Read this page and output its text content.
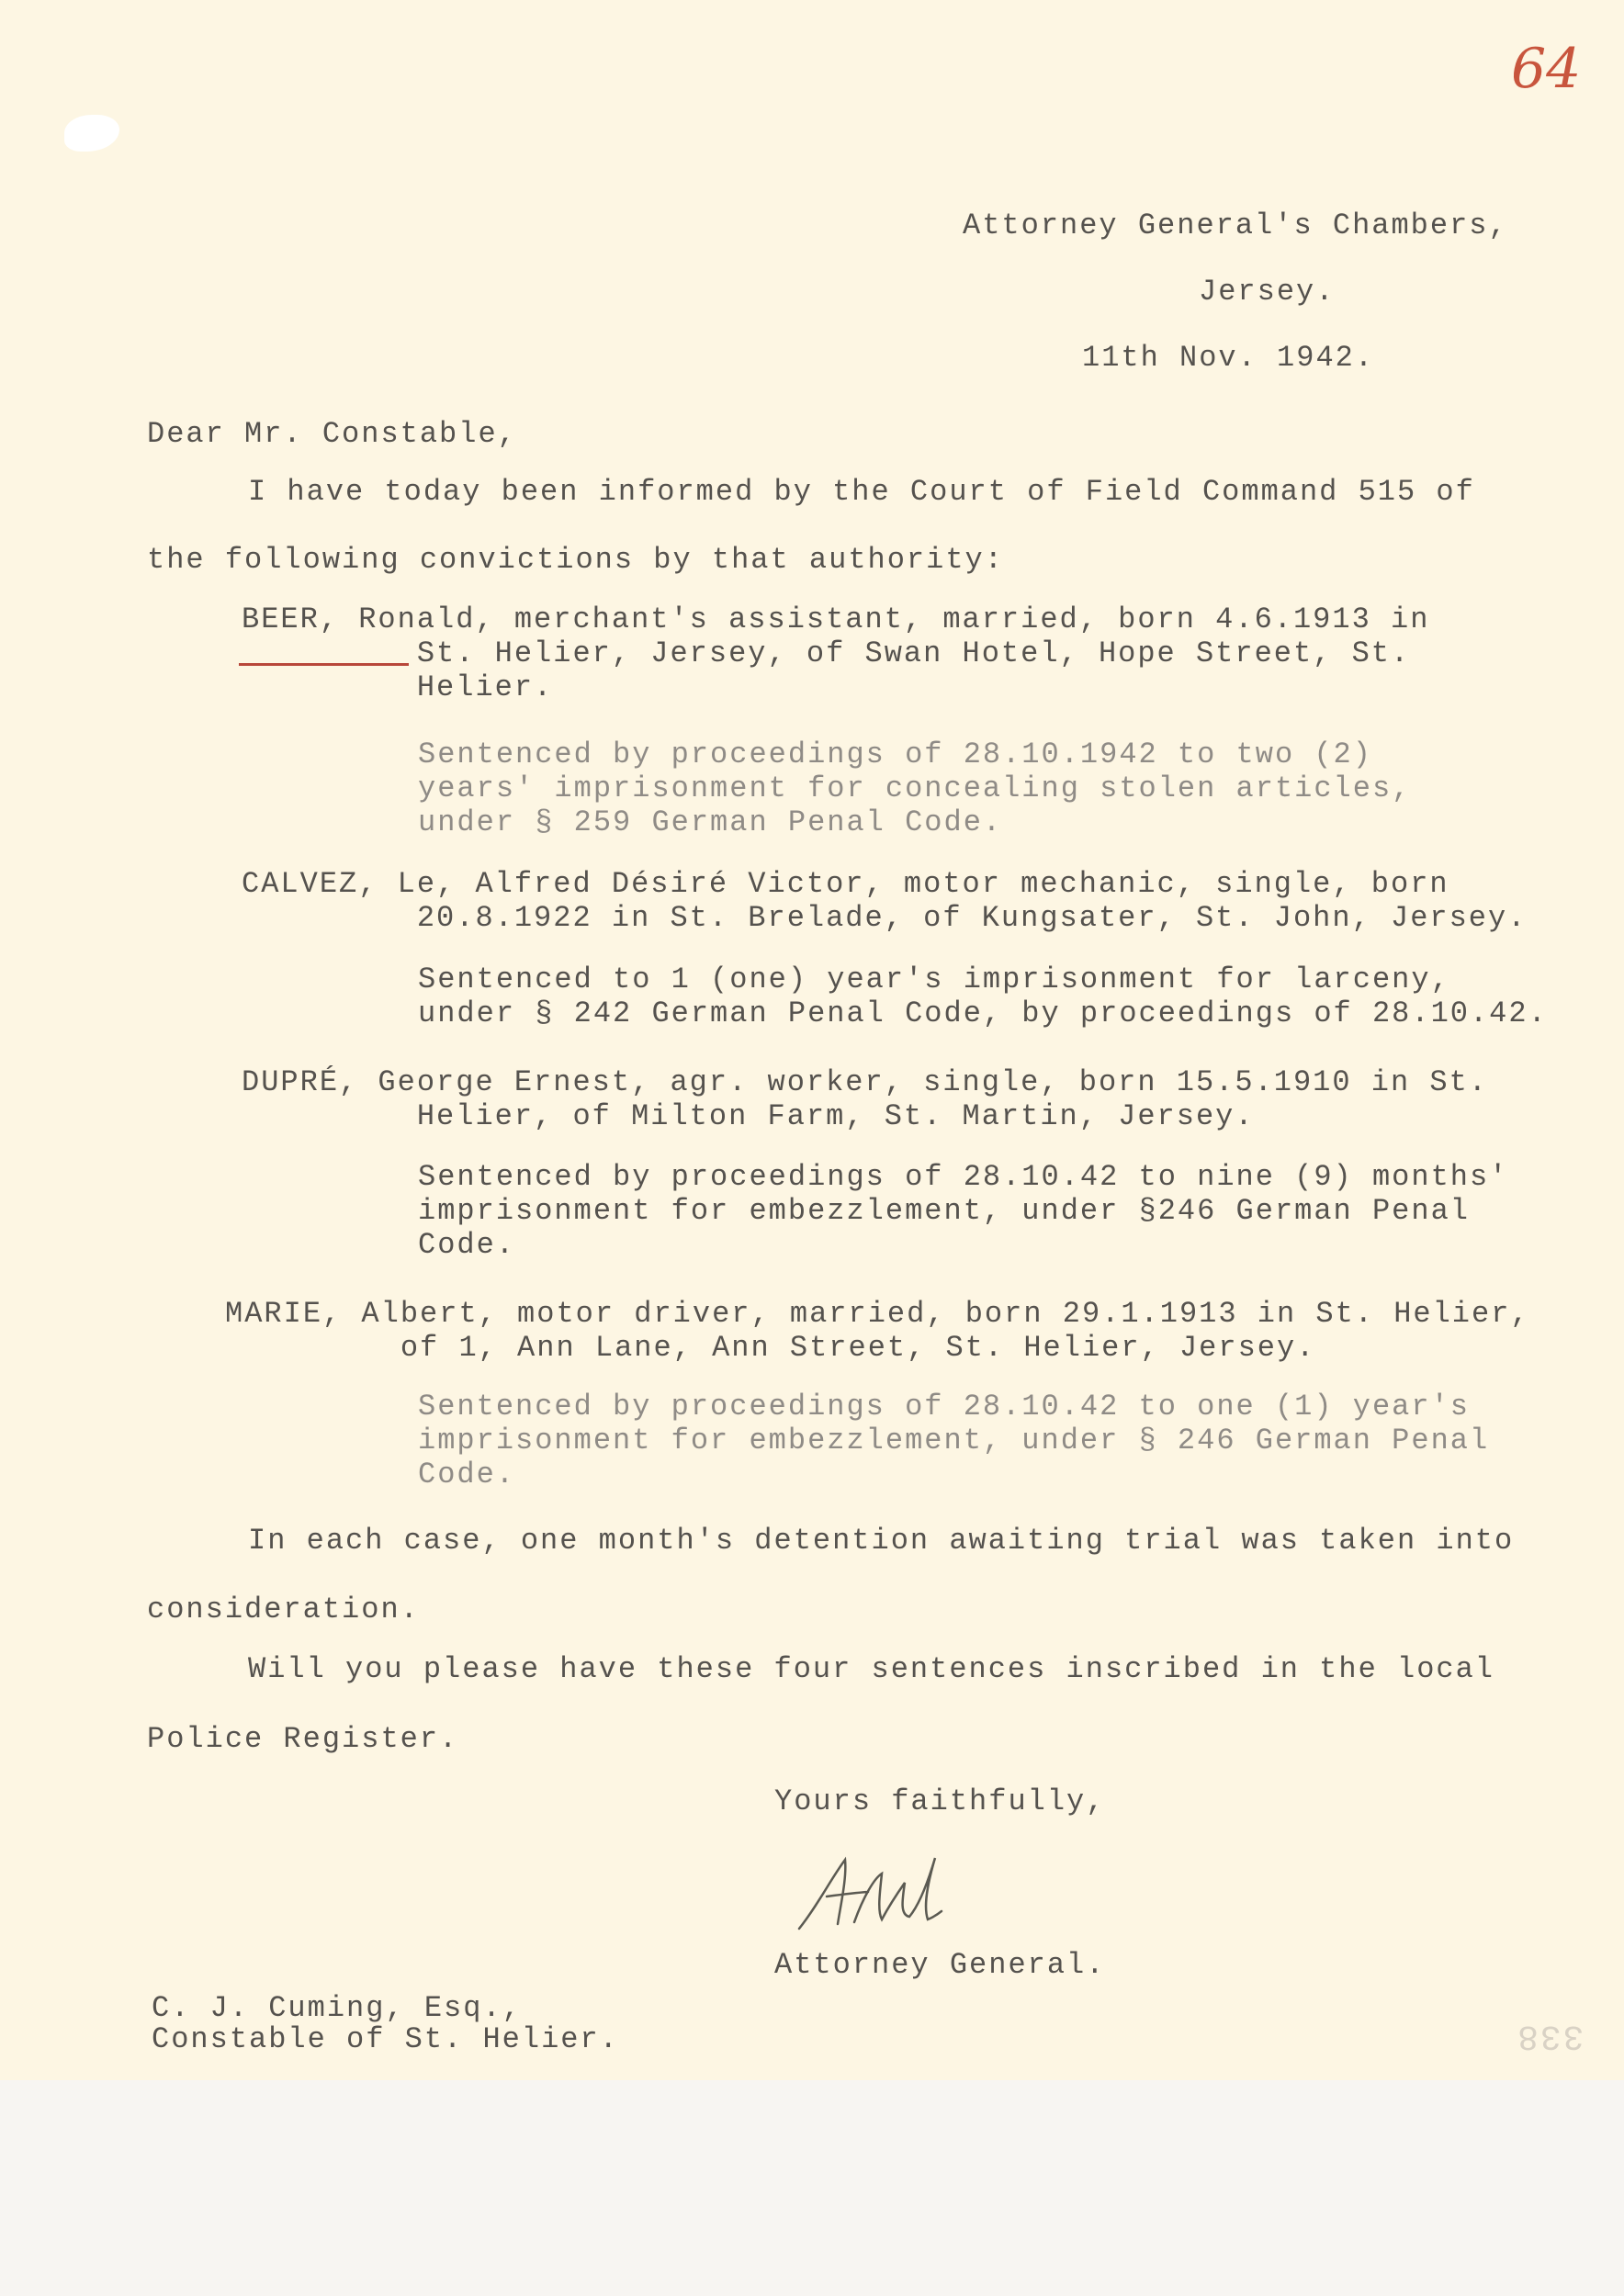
64

Attorney General's Chambers,

Jersey.

11th Nov. 1942.

Dear Mr. Constable,

I have today been informed by the Court of Field Command 515 of

the following convictions by that authority:

BEER, Ronald, merchant's assistant, married, born 4.6.1913 in
St. Helier, Jersey, of Swan Hotel, Hope Street, St.
Helier.

Sentenced by proceedings of 28.10.1942 to two (2)
years' imprisonment for concealing stolen articles,
under § 259 German Penal Code.

CALVEZ, Le, Alfred Désiré Victor, motor mechanic, single, born
20.8.1922 in St. Brelade, of Kungsater, St. John, Jersey.

Sentenced to 1 (one) year's imprisonment for larceny,
under § 242 German Penal Code, by proceedings of 28.10.42.

DUPRÉ, George Ernest, agr. worker, single, born 15.5.1910 in St.
Helier, of Milton Farm, St. Martin, Jersey.

Sentenced by proceedings of 28.10.42 to nine (9) months'
imprisonment for embezzlement, under §246 German Penal
Code.

MARIE, Albert, motor driver, married, born 29.1.1913 in St. Helier,
of 1, Ann Lane, Ann Street, St. Helier, Jersey.

Sentenced by proceedings of 28.10.42 to one (1) year's
imprisonment for embezzlement, under § 246 German Penal
Code.

In each case, one month's detention awaiting trial was taken into

consideration.

Will you please have these four sentences inscribed in the local

Police Register.

Yours faithfully,

Attorney General.

C. J. Cuming, Esq.,

Constable of St. Helier.	338
